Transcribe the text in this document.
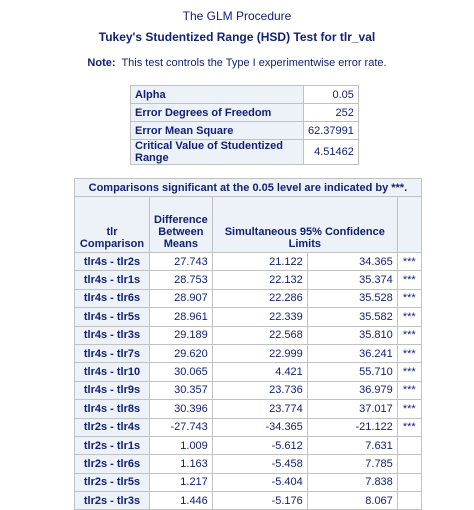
The GLM Procedure
Tukey's Studentized Range (HSD) Test for tlr_val
Note: This test controls the Type I experimentwise error rate.
Alpha	0.05
Error Degrees of Freedom	252
Error Mean Square	62.37991
Critical Value of Studentized Range	4.51462
Comparisons significant at the 0.05 level are indicated by ***.				
tlr Comparison	Difference Between Means	Simultaneous 95% Confidence Limits		
tlr4s - tlr2s	27.743	21.122	34.365	***
tlr4s - tlr1s	28.753	22.132	35.374	***
tlr4s - tlr6s	28.907	22.286	35.528	***
tlr4s - tlr5s	28.961	22.339	35.582	***
tlr4s - tlr3s	29.189	22.568	35.810	***
tlr4s - tlr7s	29.620	22.999	36.241	***
tlr4s - tlr10	30.065	4.421	55.710	***
tlr4s - tlr9s	30.357	23.736	36.979	***
tlr4s - tlr8s	30.396	23.774	37.017	***
tlr2s - tlr4s	-27.743	-34.365	-21.122	***
tlr2s - tlr1s	1.009	-5.612	7.631	
tlr2s - tlr6s	1.163	-5.458	7.785	
tlr2s - tlr5s	1.217	-5.404	7.838	
tlr2s - tlr3s	1.446	-5.176	8.067	
